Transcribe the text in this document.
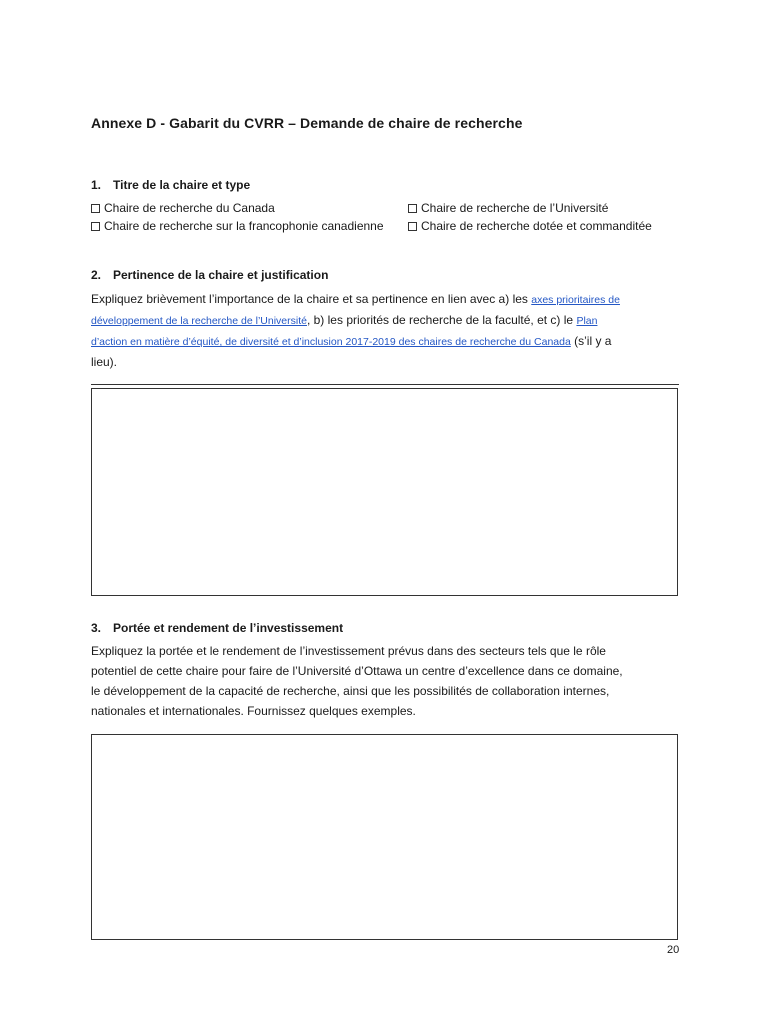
Annexe D - Gabarit du CVRR – Demande de chaire de recherche
1. Titre de la chaire et type
Chaire de recherche du Canada	Chaire de recherche de l’Université
Chaire de recherche sur la francophonie canadienne	Chaire de recherche dotée et commanditée
2. Pertinence de la chaire et justification
Expliquez brièvement l’importance de la chaire et sa pertinence en lien avec a) les axes prioritaires de
développement de la recherche de l’Université, b) les priorités de recherche de la faculté, et c) le Plan
d’action en matière d’équité, de diversité et d’inclusion 2017-2019 des chaires de recherche du Canada (s’il y a
lieu).
3. Portée et rendement de l’investissement
Expliquez la portée et le rendement de l’investissement prévus dans des secteurs tels que le rôle
potentiel de cette chaire pour faire de l’Université d’Ottawa un centre d’excellence dans ce domaine,
le développement de la capacité de recherche, ainsi que les possibilités de collaboration internes,
nationales et internationales. Fournissez quelques exemples.
20
